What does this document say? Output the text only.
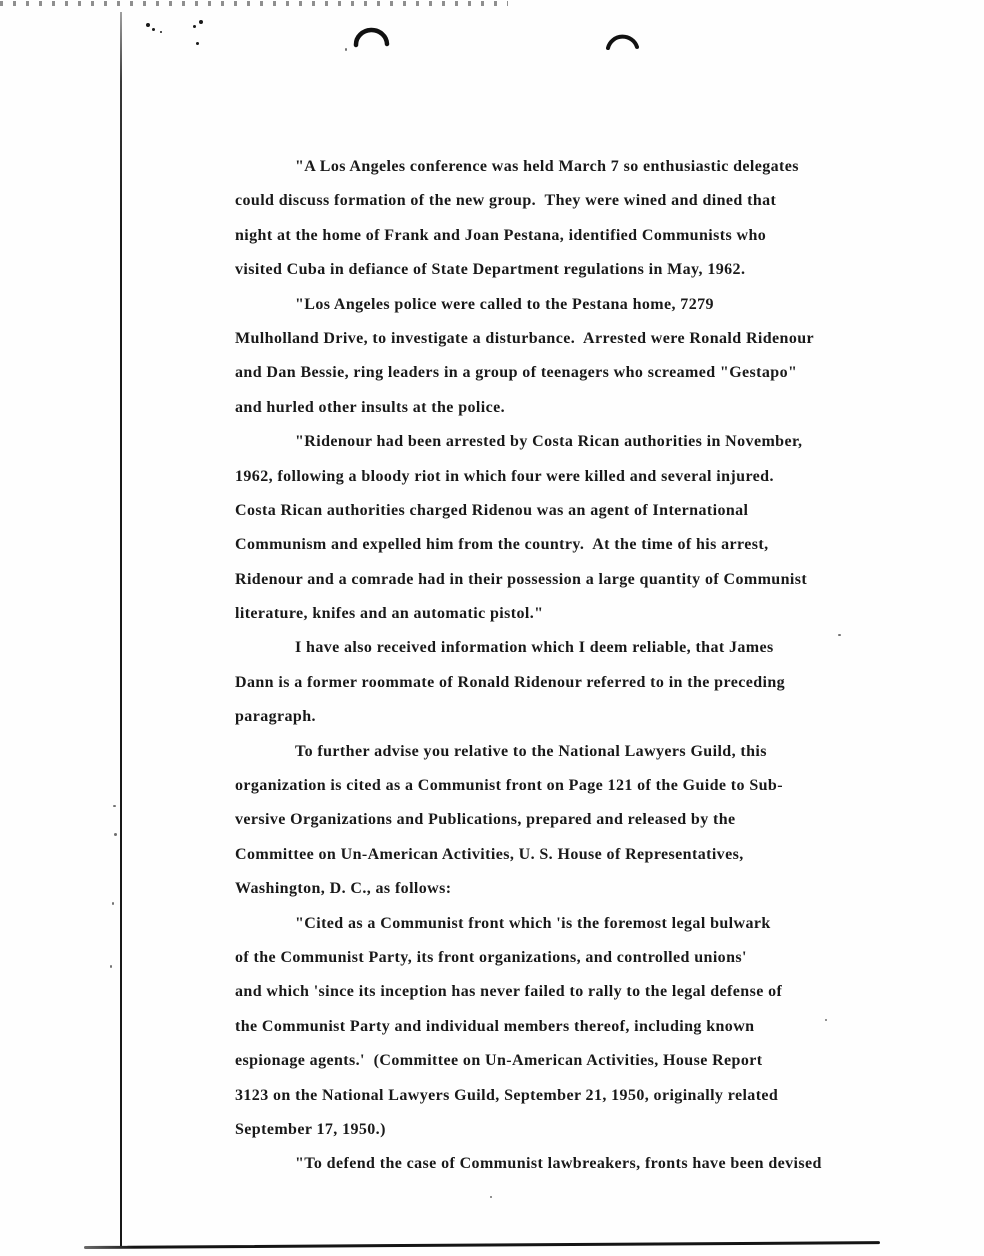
"A Los Angeles conference was held March 7 so enthusiastic delegates
could discuss formation of the new group.  They were wined and dined that
night at the home of Frank and Joan Pestana, identified Communists who
visited Cuba in defiance of State Department regulations in May, 1962.
"Los Angeles police were called to the Pestana home, 7279
Mulholland Drive, to investigate a disturbance.  Arrested were Ronald Ridenour
and Dan Bessie, ring leaders in a group of teenagers who screamed "Gestapo"
and hurled other insults at the police.
"Ridenour had been arrested by Costa Rican authorities in November,
1962, following a bloody riot in which four were killed and several injured.
Costa Rican authorities charged Ridenou was an agent of International
Communism and expelled him from the country.  At the time of his arrest,
Ridenour and a comrade had in their possession a large quantity of Communist
literature, knifes and an automatic pistol."
I have also received information which I deem reliable, that James
Dann is a former roommate of Ronald Ridenour referred to in the preceding
paragraph.
To further advise you relative to the National Lawyers Guild, this
organization is cited as a Communist front on Page 121 of the Guide to Sub-
versive Organizations and Publications, prepared and released by the
Committee on Un-American Activities, U. S. House of Representatives,
Washington, D. C., as follows:
"Cited as a Communist front which 'is the foremost legal bulwark
of the Communist Party, its front organizations, and controlled unions'
and which 'since its inception has never failed to rally to the legal defense of
the Communist Party and individual members thereof, including known
espionage agents.'  (Committee on Un-American Activities, House Report
3123 on the National Lawyers Guild, September 21, 1950, originally related
September 17, 1950.)
"To defend the case of Communist lawbreakers, fronts have been devised
